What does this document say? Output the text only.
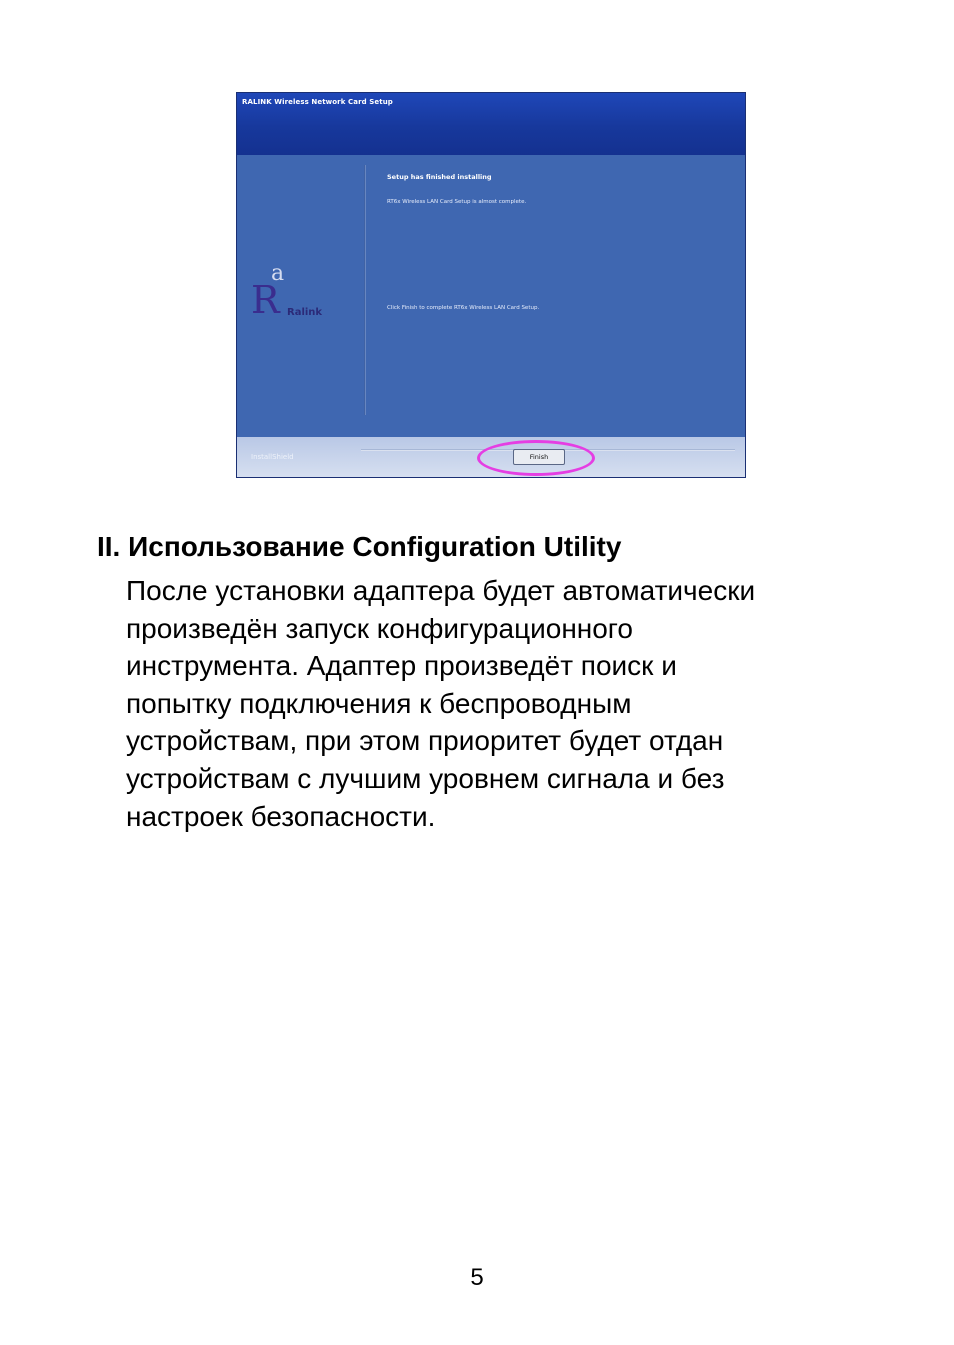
RALINK Wireless Network Card Setup
a
R Ralink
Setup has finished installing
RT6x Wireless LAN Card Setup is almost complete.
Click Finish to complete RT6x Wireless LAN Card Setup.
InstallShield	Finish
II. Использование Configuration Utility
После установки адаптера будет автоматически
произведён запуск конфигурационного
инструмента. Адаптер произведёт поиск и
попытку подключения к беспроводным
устройствам, при этом приоритет будет отдан
устройствам с лучшим уровнем сигнала и без
настроек безопасности.
5
